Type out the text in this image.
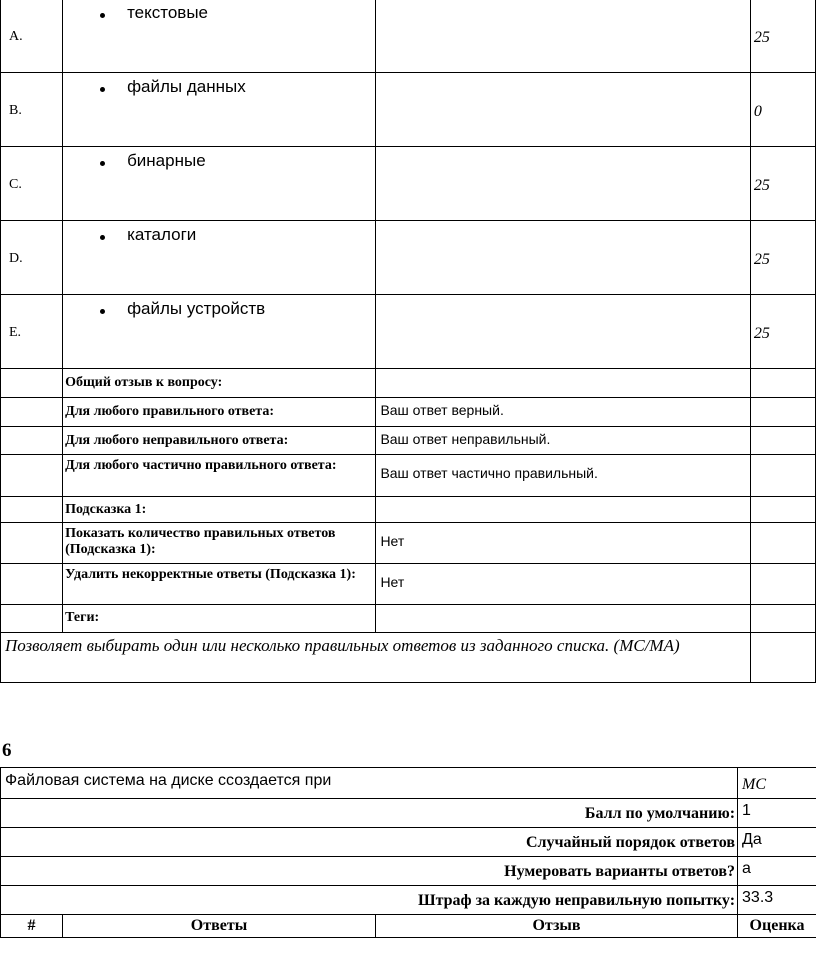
A.	текстовые		25

B.	файлы данных		0

C.	бинарные		25

D.	каталоги		25

E.	файлы устройств		25

	Общий отзыв к вопросу:		
	Для любого правильного ответа:	Ваш ответ верный.	
	Для любого неправильного ответа:	Ваш ответ неправильный.	
	Для любого частично правильного ответа:	Ваш ответ частично правильный.	
	Подсказка 1:		
	Показать количество правильных ответов (Подсказка 1):	Нет	
	Удалить некорректные ответы (Подсказка 1):	Нет	
	Теги:		
Позволяет выбирать один или несколько правильных ответов из заданного списка. (MC/MA)			
6
Файловая система на диске ссоздается при			MC
Балл по умолчанию:			1
Случайный порядок ответов			Да
Нумеровать варианты ответов?			a
Штраф за каждую неправильную попытку:			33.3
#	Ответы	Отзыв	Оценка
